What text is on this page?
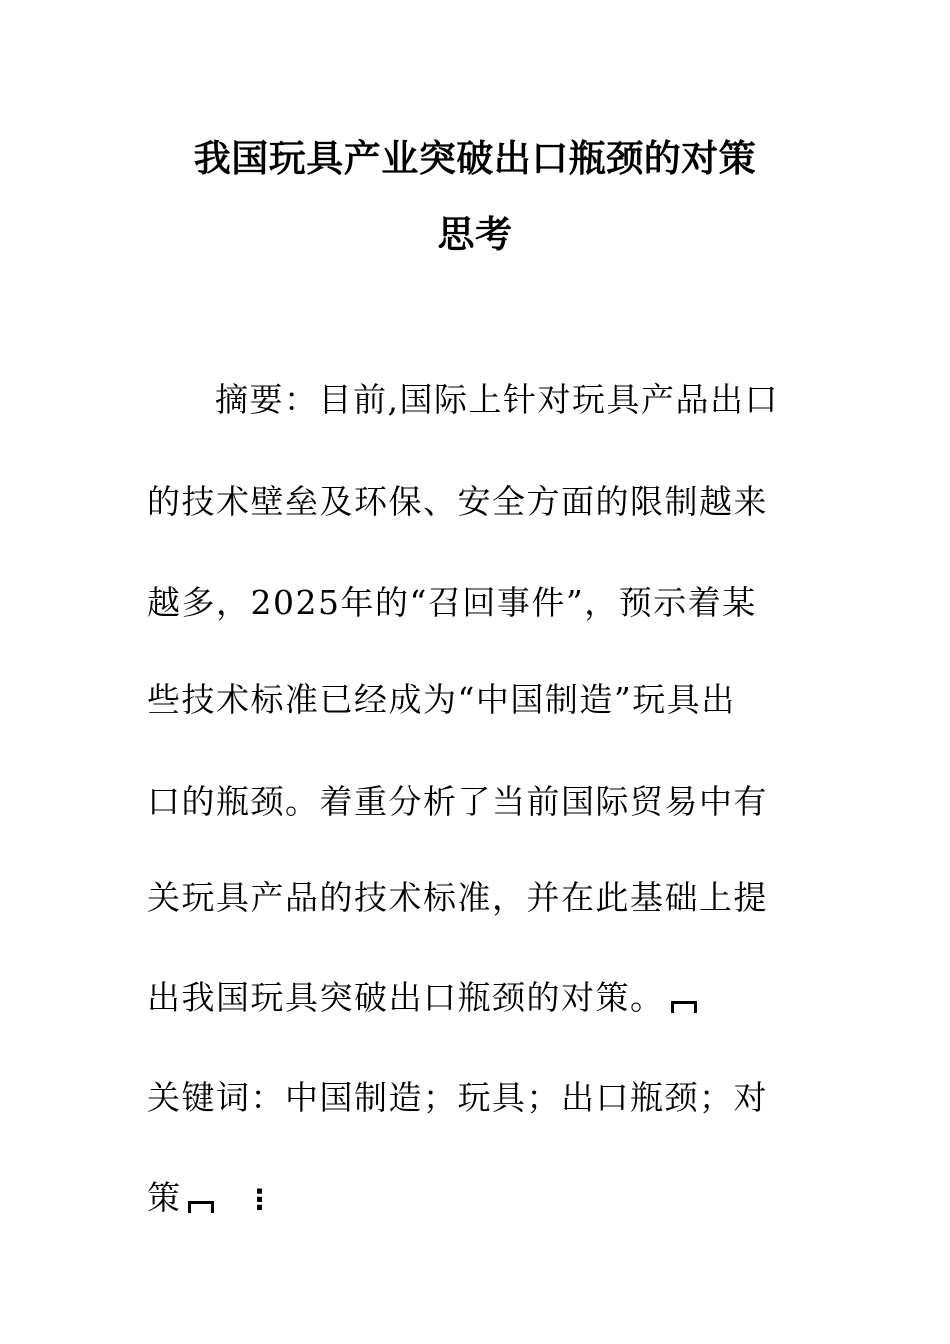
我国玩具产业突破出口瓶颈的对策
思考
摘要：目前,国际上针对玩具产品出口
的技术壁垒及环保、安全方面的限制越来
越多，2025年的“召回事件”，预示着某
些技术标准已经成为“中国制造”玩具出
口的瓶颈。着重分析了当前国际贸易中有
关玩具产品的技术标准，并在此基础上提
出我国玩具突破出口瓶颈的对策。
关键词：中国制造；玩具；出口瓶颈；对
策 ⋮
